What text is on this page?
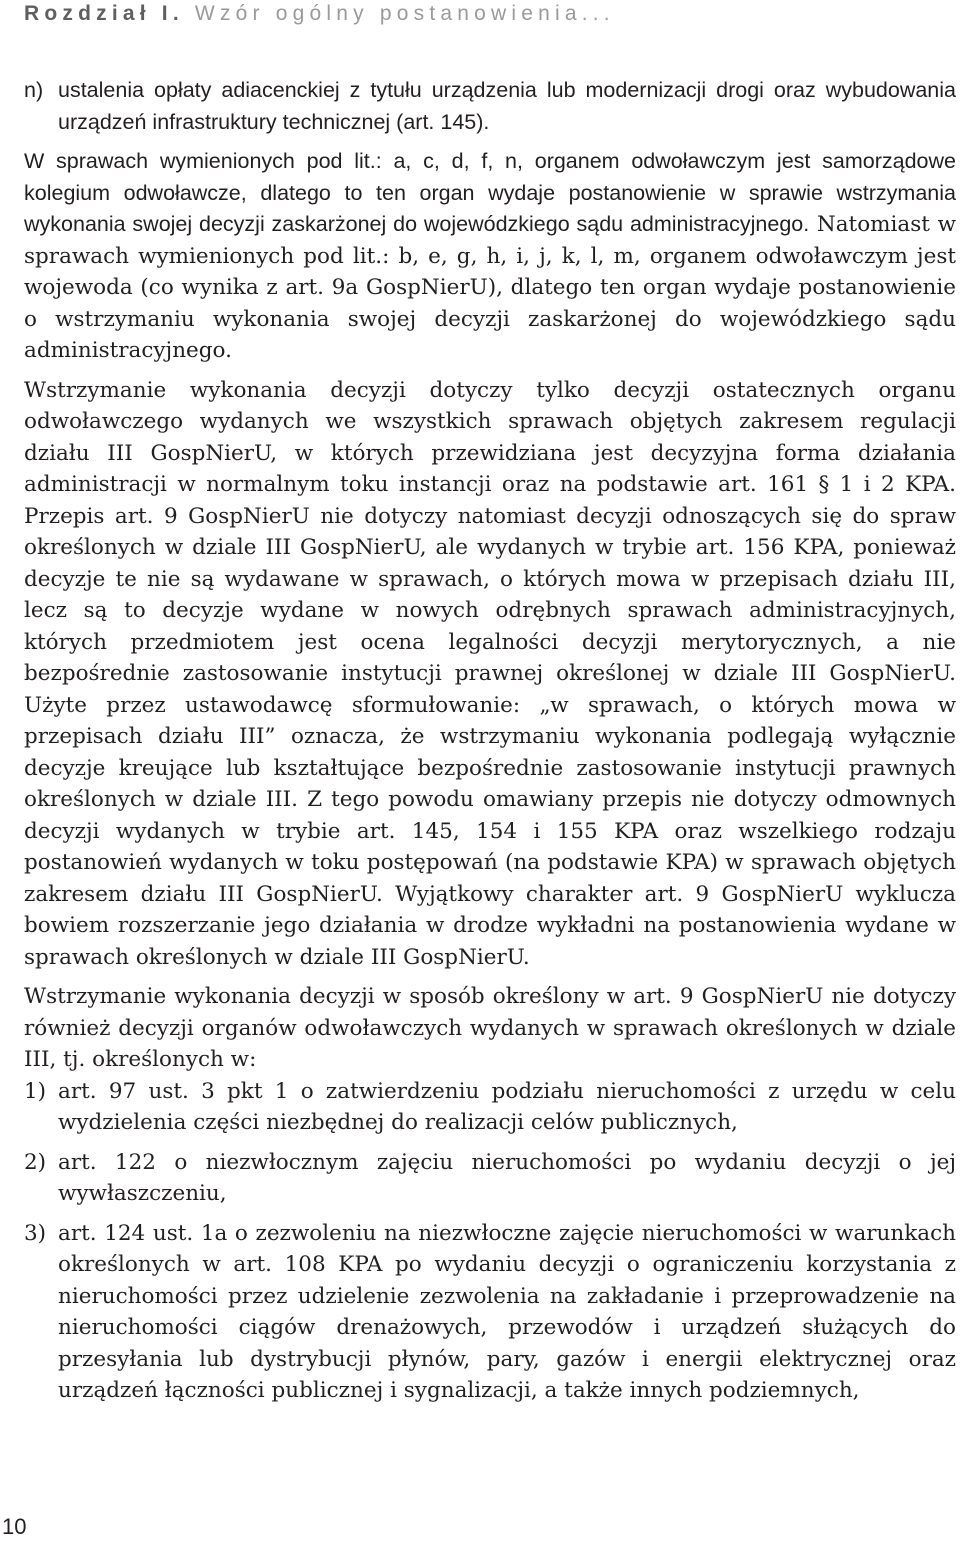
Rozdział I. Wzór ogólny postanowienia...
n) ustalenia opłaty adiacenckiej z tytułu urządzenia lub modernizacji drogi oraz wybudowania urządzeń infrastruktury technicznej (art. 145).

W sprawach wymienionych pod lit.: a, c, d, f, n, organem odwoławczym jest samorządowe kolegium odwoławcze, dlatego to ten organ wydaje postanowienie w sprawie wstrzymania wykonania swojej decyzji zaskarżonej do wojewódzkiego sądu administracyjnego. Natomiast w sprawach wymienionych pod lit.: b, e, g, h, i, j, k, l, m, organem odwoławczym jest wojewoda (co wynika z art. 9a GospNierU), dlatego ten organ wydaje postanowienie o wstrzymaniu wykonania swojej decyzji zaskarżonej do wojewódzkiego sądu administracyjnego.

Wstrzymanie wykonania decyzji dotyczy tylko decyzji ostatecznych organu odwoławczego wydanych we wszystkich sprawach objętych zakresem regulacji działu III GospNierU, w których przewidziana jest decyzyjna forma działania administracji w normalnym toku instancji oraz na podstawie art. 161 § 1 i 2 KPA. Przepis art. 9 GospNierU nie dotyczy natomiast decyzji odnoszących się do spraw określonych w dziale III GospNierU, ale wydanych w trybie art. 156 KPA, ponieważ decyzje te nie są wydawane w sprawach, o których mowa w przepisach działu III, lecz są to decyzje wydane w nowych odrębnych sprawach administracyjnych, których przedmiotem jest ocena legalności decyzji merytorycznych, a nie bezpośrednie zastosowanie instytucji prawnej określonej w dziale III GospNierU. Użyte przez ustawodawcę sformułowanie: „w sprawach, o których mowa w przepisach działu III” oznacza, że wstrzymaniu wykonania podlegają wyłącznie decyzje kreujące lub kształtujące bezpośrednie zastosowanie instytucji prawnych określonych w dziale III. Z tego powodu omawiany przepis nie dotyczy odmownych decyzji wydanych w trybie art. 145, 154 i 155 KPA oraz wszelkiego rodzaju postanowień wydanych w toku postępowań (na podstawie KPA) w sprawach objętych zakresem działu III GospNierU. Wyjątkowy charakter art. 9 GospNierU wyklucza bowiem rozszerzanie jego działania w drodze wykładni na postanowienia wydane w sprawach określonych w dziale III GospNierU.

Wstrzymanie wykonania decyzji w sposób określony w art. 9 GospNierU nie dotyczy również decyzji organów odwoławczych wydanych w sprawach określonych w dziale III, tj. określonych w:

1) art. 97 ust. 3 pkt 1 o zatwierdzeniu podziału nieruchomości z urzędu w celu wydzielenia części niezbędnej do realizacji celów publicznych,
2) art. 122 o niezwłocznym zajęciu nieruchomości po wydaniu decyzji o jej wywłaszczeniu,
3) art. 124 ust. 1a o zezwoleniu na niezwłoczne zajęcie nieruchomości w warunkach określonych w art. 108 KPA po wydaniu decyzji o ograniczeniu korzystania z nieruchomości przez udzielenie zezwolenia na zakładanie i przeprowadzenie na nieruchomości ciągów drenażowych, przewodów i urządzeń służących do przesyłania lub dystrybucji płynów, pary, gazów i energii elektrycznej oraz urządzeń łączności publicznej i sygnalizacji, a także innych podziemnych,
10
